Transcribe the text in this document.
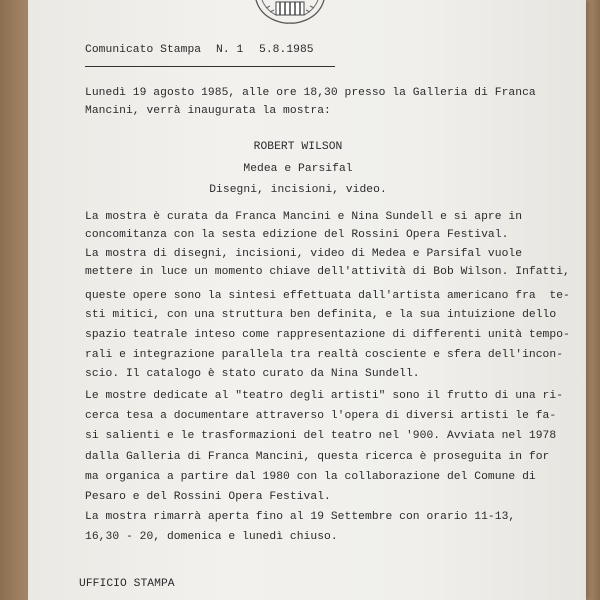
Comunicato Stampa N. 1 5.8.1985
Lunedì 19 agosto 1985, alle ore 18,30 presso la Galleria di Franca
Mancini, verrà inaugurata la mostra:
ROBERT WILSON
Medea e Parsifal
Disegni, incisioni, video.
La mostra è curata da Franca Mancini e Nina Sundell e si apre in
concomitanza con la sesta edizione del Rossini Opera Festival.
La mostra di disegni, incisioni, video di Medea e Parsifal vuole
mettere in luce un momento chiave dell'attività di Bob Wilson. Infatti,
queste opere sono la sintesi effettuata dall'artista americano fra  te-
sti mitici, con una struttura ben definita, e la sua intuizione dello
spazio teatrale inteso come rappresentazione di differenti unità tempo-
rali e integrazione parallela tra realtà cosciente e sfera dell'incon-
scio. Il catalogo è stato curato da Nina Sundell.
Le mostre dedicate al "teatro degli artisti" sono il frutto di una ri-
cerca tesa a documentare attraverso l'opera di diversi artisti le fa-
si salienti e le trasformazioni del teatro nel '900. Avviata nel 1978
dalla Galleria di Franca Mancini, questa ricerca è proseguita in for
ma organica a partire dal 1980 con la collaborazione del Comune di
Pesaro e del Rossini Opera Festival.
La mostra rimarrà aperta fino al 19 Settembre con orario 11-13,
16,30 - 20, domenica e lunedì chiuso.
UFFICIO STAMPA
